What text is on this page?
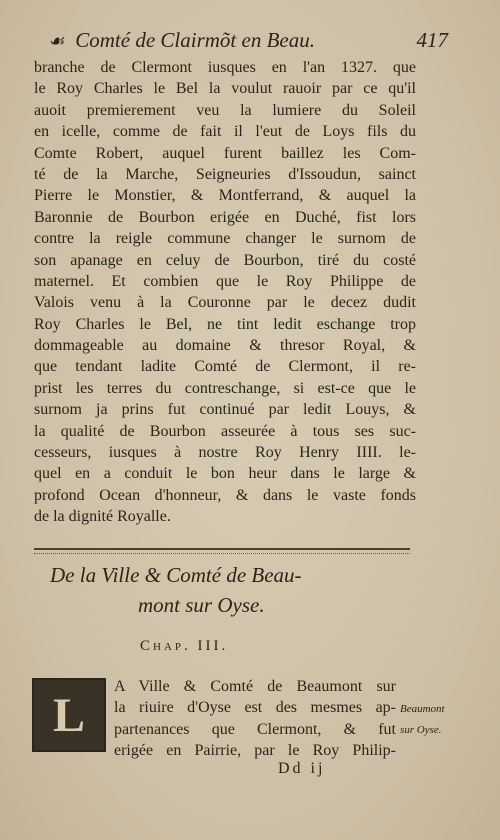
☙ Comté de Clairmõt en Beau.	417
branche de Clermont iusques en l'an 1327. que
le Roy Charles le Bel la voulut rauoir par ce qu'il
auoit premierement veu la lumiere du Soleil
en icelle, comme de fait il l'eut de Loys fils du
Comte Robert, auquel furent baillez les Com-
té de la Marche, Seigneuries d'Issoudun, sainct
Pierre le Monstier, & Montferrand, & auquel la
Baronnie de Bourbon erigée en Duché, fist lors
contre la reigle commune changer le surnom de
son apanage en celuy de Bourbon, tiré du costé
maternel. Et combien que le Roy Philippe de
Valois venu à la Couronne par le decez dudit
Roy Charles le Bel, ne tint ledit eschange trop
dommageable au domaine & thresor Royal, &
que tendant ladite Comté de Clermont, il re-
prist les terres du contreschange, si est-ce que le
surnom ja prins fut continué par ledit Louys, &
la qualité de Bourbon asseurée à tous ses suc-
cesseurs, iusques à nostre Roy Henry IIII. le-
quel en a conduit le bon heur dans le large &
profond Ocean d'honneur, & dans le vaste fonds
de la dignité Royalle.
De la Ville & Comté de Beau-
mont sur Oyse.
Chap. III.
L
A Ville & Comté de Beaumont sur
la riuire d'Oyse est des mesmes ap-
partenances que Clermont, & fut
erigée en Pairrie, par le Roy Philip-
Beaumont
sur Oyse.
Dd ij
